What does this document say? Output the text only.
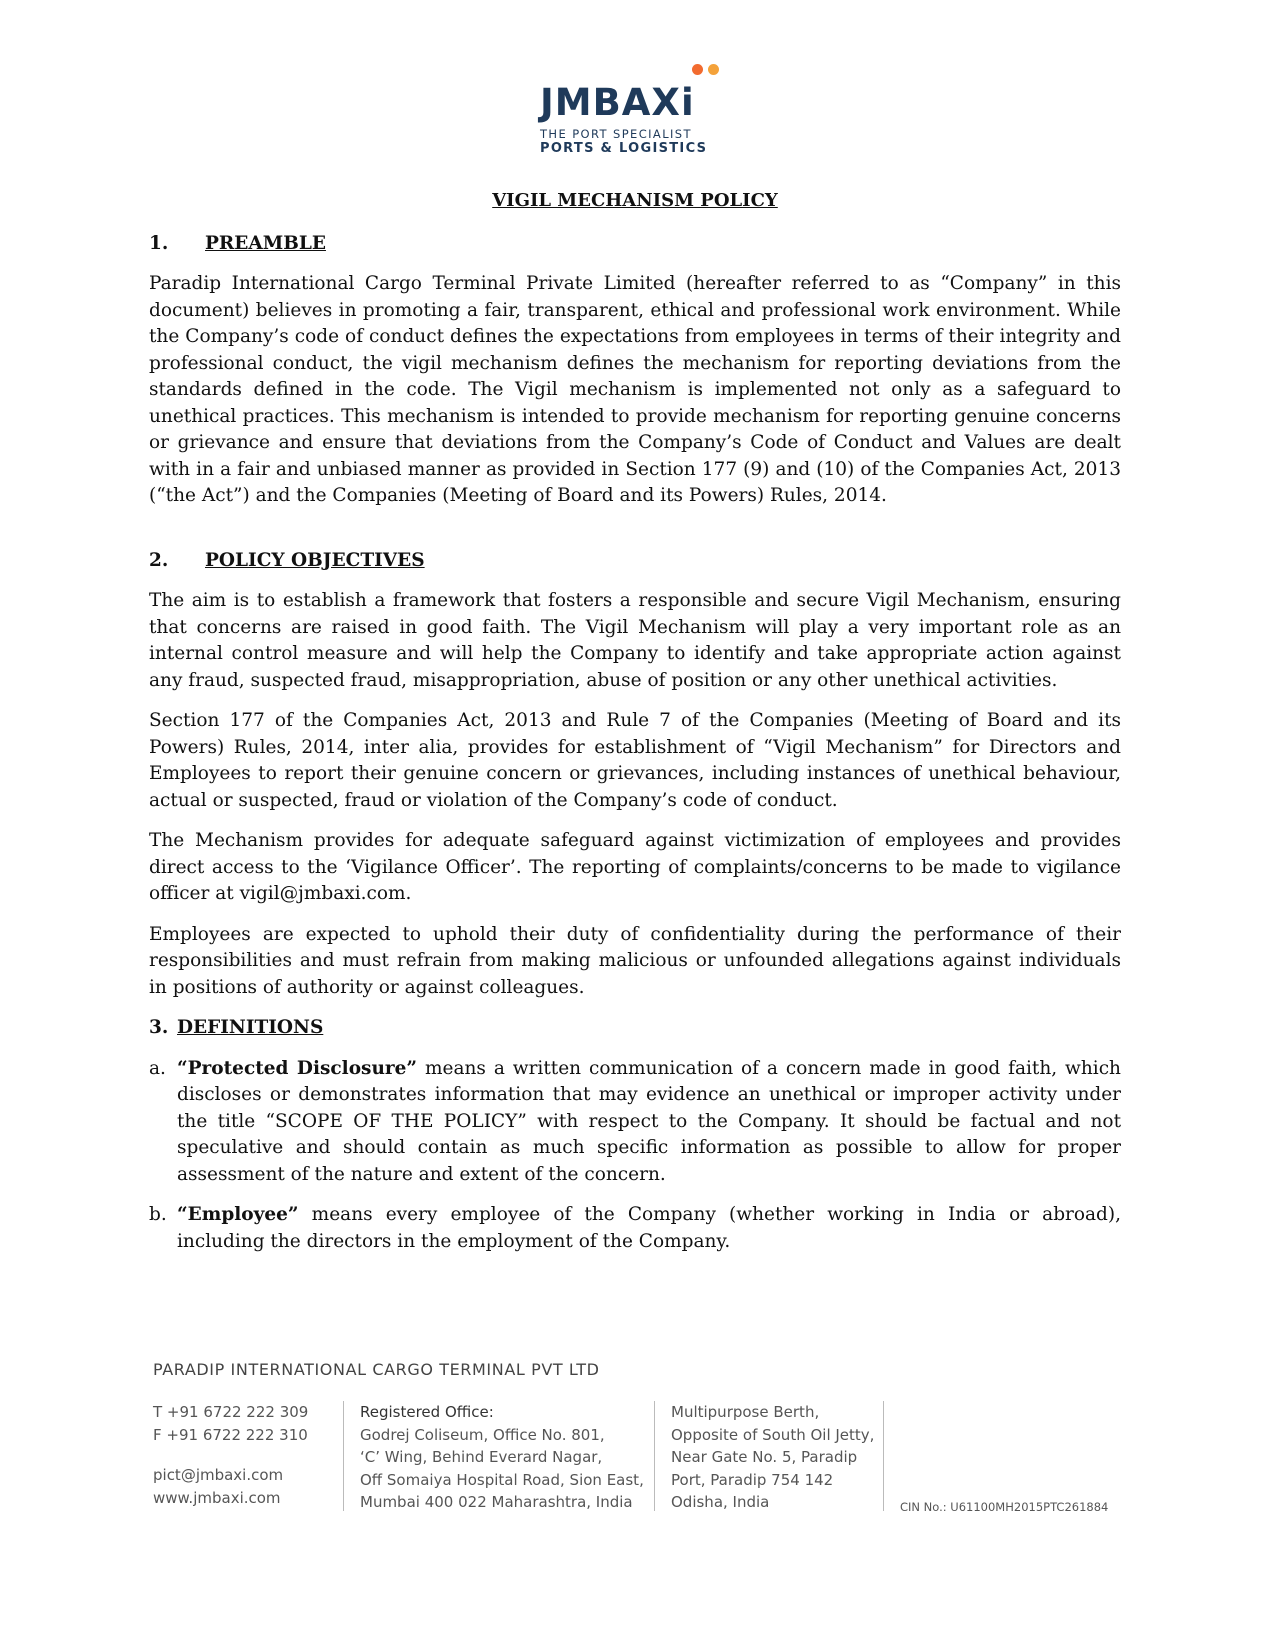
JMBAXi
THE PORT SPECIALIST
PORTS & LOGISTICS
VIGIL MECHANISM POLICY
1.	PREAMBLE

Paradip International Cargo Terminal Private Limited (hereafter referred to as “Company” in this document) believes in promoting a fair, transparent, ethical and professional work environment. While the Company’s code of conduct defines the expectations from employees in terms of their integrity and professional conduct, the vigil mechanism defines the mechanism for reporting deviations from the standards defined in the code. The Vigil mechanism is implemented not only as a safeguard to unethical practices. This mechanism is intended to provide mechanism for reporting genuine concerns or grievance and ensure that deviations from the Company’s Code of Conduct and Values are dealt with in a fair and unbiased manner as provided in Section 177 (9) and (10) of the Companies Act, 2013 (“the Act”) and the Companies (Meeting of Board and its Powers) Rules, 2014.

2.	POLICY OBJECTIVES

The aim is to establish a framework that fosters a responsible and secure Vigil Mechanism, ensuring that concerns are raised in good faith. The Vigil Mechanism will play a very important role as an internal control measure and will help the Company to identify and take appropriate action against any fraud, suspected fraud, misappropriation, abuse of position or any other unethical activities.

Section 177 of the Companies Act, 2013 and Rule 7 of the Companies (Meeting of Board and its Powers) Rules, 2014, inter alia, provides for establishment of “Vigil Mechanism” for Directors and Employees to report their genuine concern or grievances, including instances of unethical behaviour, actual or suspected, fraud or violation of the Company’s code of conduct.

The Mechanism provides for adequate safeguard against victimization of employees and provides direct access to the ‘Vigilance Officer’. The reporting of complaints/concerns to be made to vigilance officer at vigil@jmbaxi.com.

Employees are expected to uphold their duty of confidentiality during the performance of their responsibilities and must refrain from making malicious or unfounded allegations against individuals in positions of authority or against colleagues.

3. DEFINITIONS
a. “Protected Disclosure” means a written communication of a concern made in good faith, which discloses or demonstrates information that may evidence an unethical or improper activity under the title “SCOPE OF THE POLICY” with respect to the Company. It should be factual and not speculative and should contain as much specific information as possible to allow for proper assessment of the nature and extent of the concern.
b. “Employee” means every employee of the Company (whether working in India or abroad), including the directors in the employment of the Company.
PARADIP INTERNATIONAL CARGO TERMINAL PVT LTD
T +91 6722 222 309
F +91 6722 222 310
pict@jmbaxi.com
www.jmbaxi.com
Registered Office:
Godrej Coliseum, Office No. 801,
‘C’ Wing, Behind Everard Nagar,
Off Somaiya Hospital Road, Sion East,
Mumbai 400 022 Maharashtra, India
Multipurpose Berth,
Opposite of South Oil Jetty,
Near Gate No. 5, Paradip
Port, Paradip 754 142
Odisha, India	CIN No.: U61100MH2015PTC261884
